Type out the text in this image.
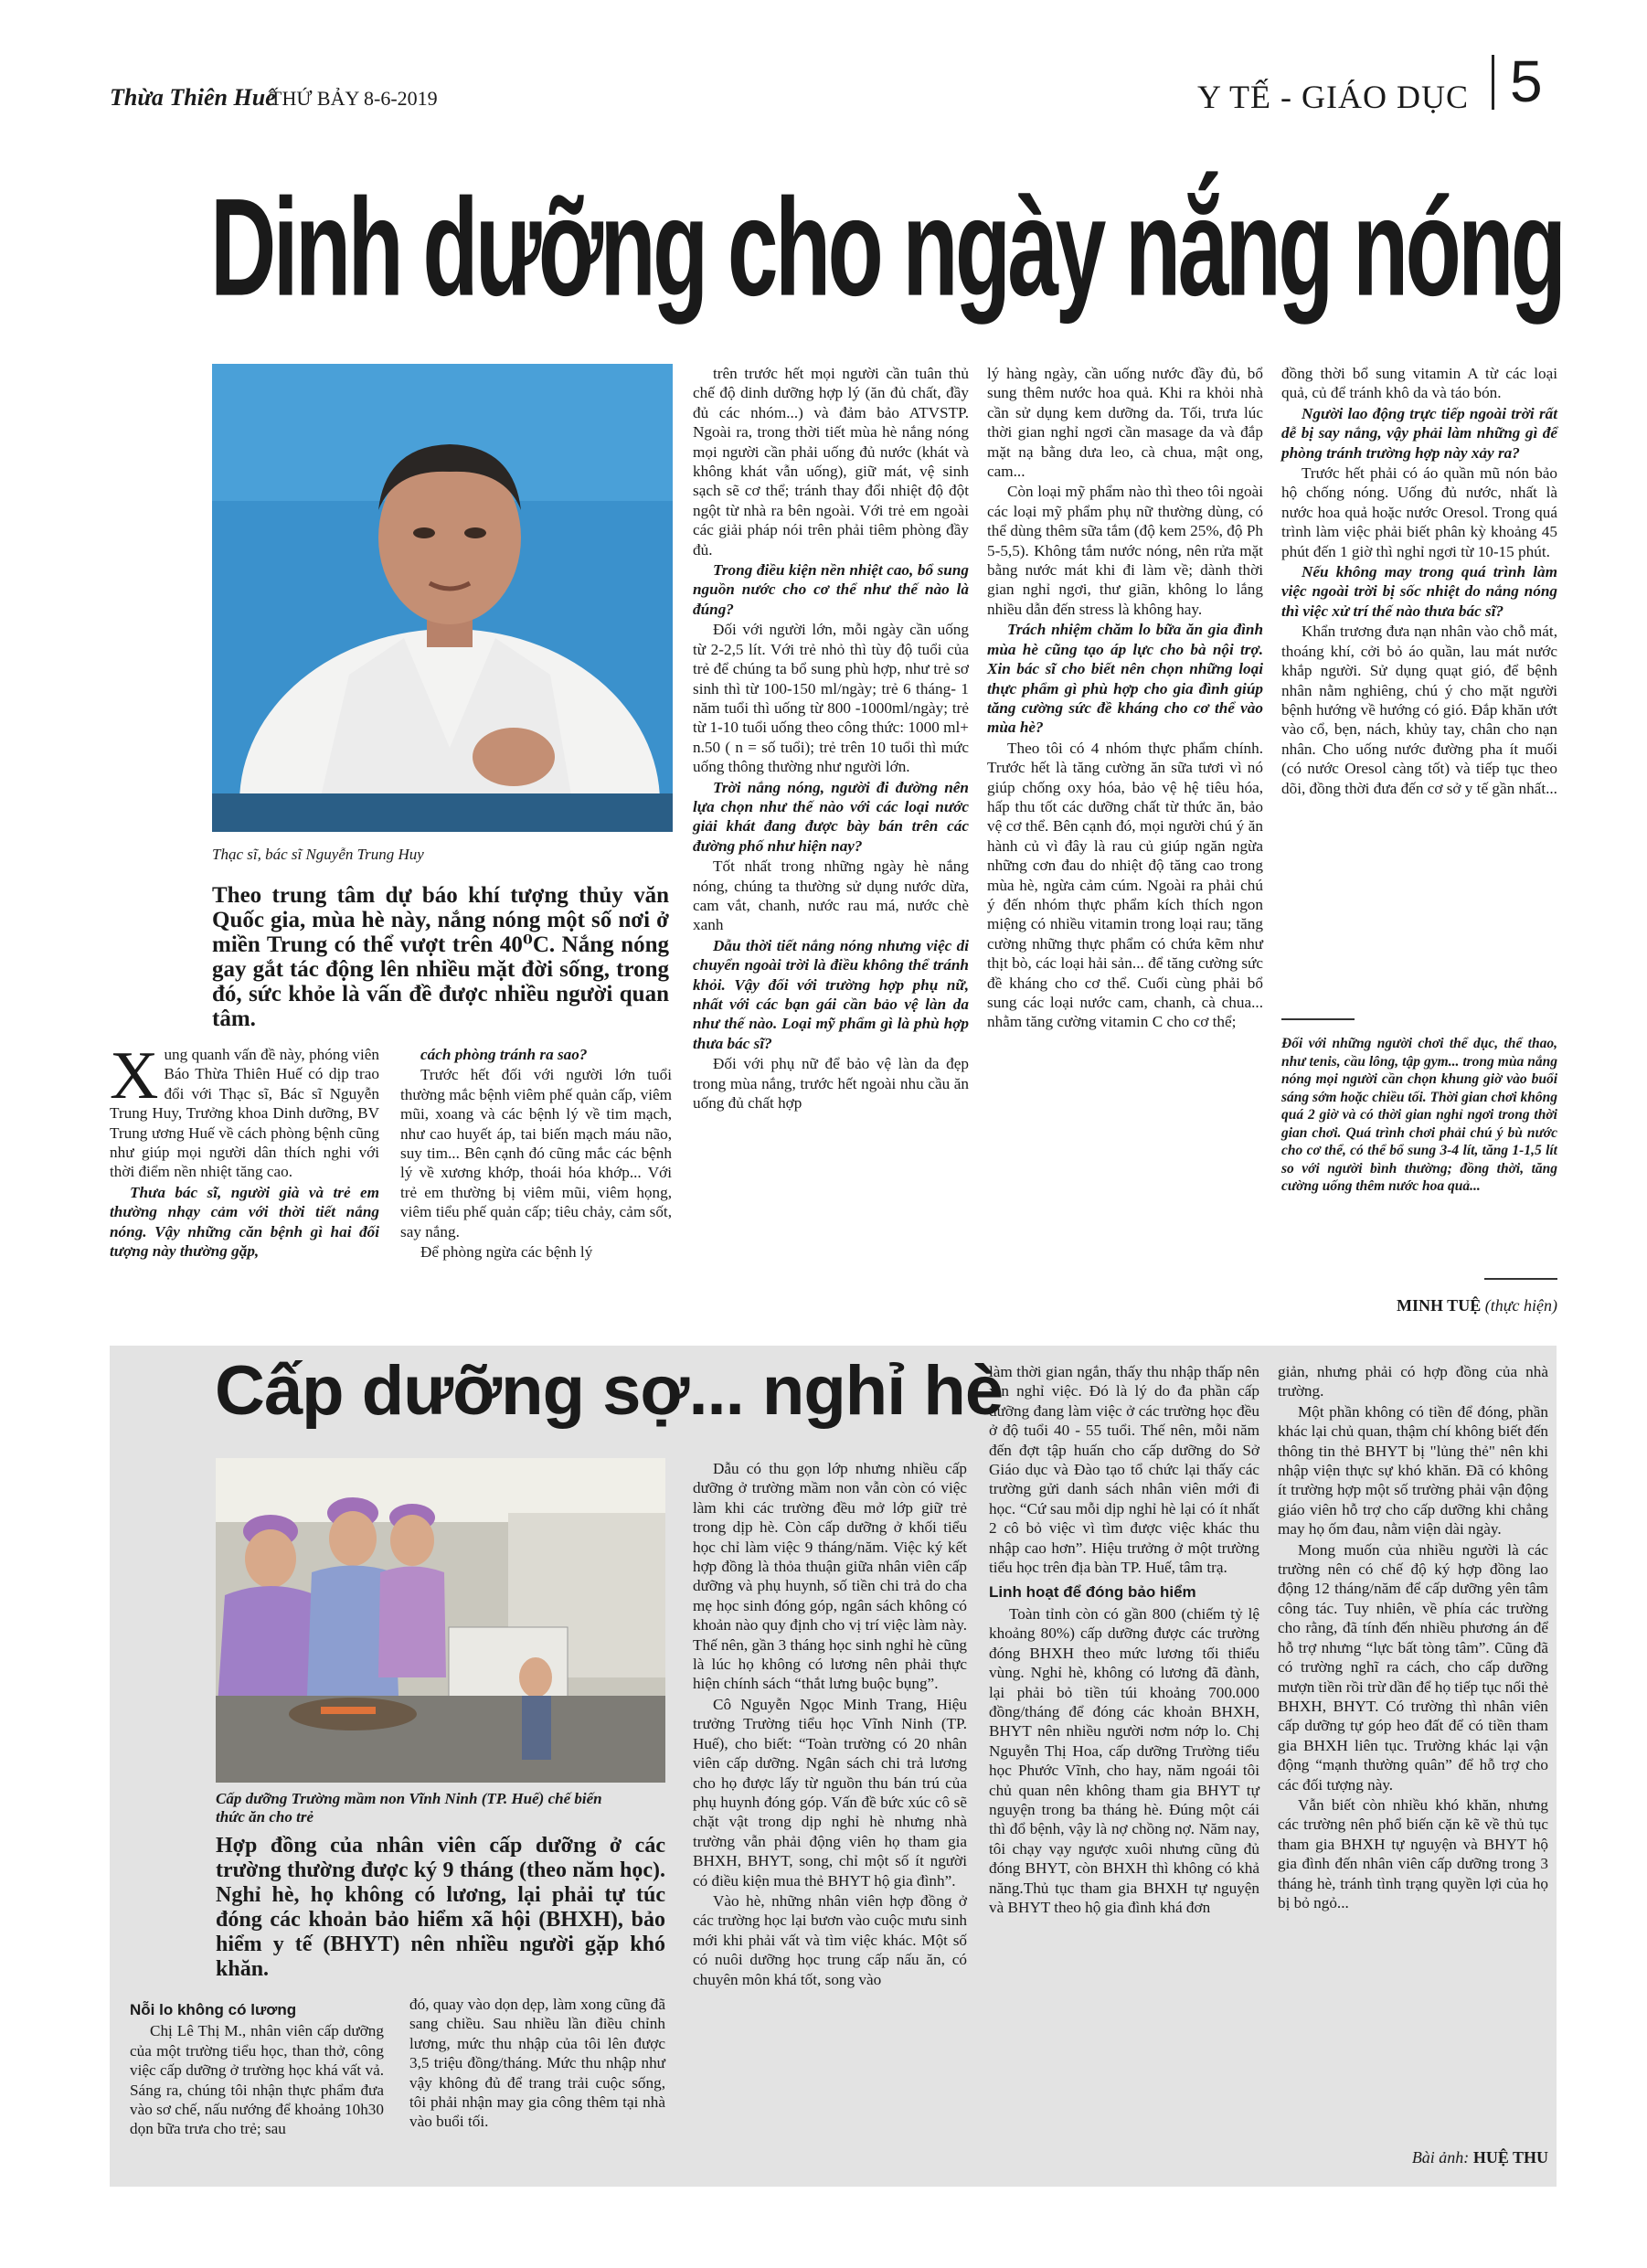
Thừa Thiên Huế
THỨ BẢY 8-6-2019	Y TẾ - GIÁO DỤC 5
Dinh dưỡng cho ngày nắng nóng
Thạc sĩ, bác sĩ Nguyễn Trung Huy
Theo trung tâm dự báo khí tượng thủy văn Quốc gia, mùa hè này, nắng nóng một số nơi ở miền Trung có thể vượt trên 40⁰C. Nắng nóng gay gắt tác động lên nhiều mặt đời sống, trong đó, sức khỏe là vấn đề được nhiều người quan tâm.

Xung quanh vấn đề này, phóng viên Báo Thừa Thiên Huế có dịp trao đổi với Thạc sĩ, Bác sĩ Nguyễn Trung Huy, Trưởng khoa Dinh dưỡng, BV Trung ương Huế về cách phòng bệnh cũng như giúp mọi người dân thích nghi với thời điểm nền nhiệt tăng cao.

Thưa bác sĩ, người già và trẻ em thường nhạy cảm với thời tiết nắng nóng. Vậy những căn bệnh gì hai đối tượng này thường gặp,

cách phòng tránh ra sao?

Trước hết đối với người lớn tuổi thường mắc bệnh viêm phế quản cấp, viêm mũi, xoang và các bệnh lý về tim mạch, như cao huyết áp, tai biến mạch máu não, suy tim... Bên cạnh đó cũng mắc các bệnh lý về xương khớp, thoái hóa khớp... Với trẻ em thường bị viêm mũi, viêm họng, viêm tiểu phế quản cấp; tiêu chảy, cảm sốt, say nắng.

Để phòng ngừa các bệnh lý

trên trước hết mọi người cần tuân thủ chế độ dinh dưỡng hợp lý (ăn đủ chất, đầy đủ các nhóm...) và đảm bảo ATVSTP. Ngoài ra, trong thời tiết mùa hè nắng nóng mọi người cần phải uống đủ nước (khát và không khát vẫn uống), giữ mát, vệ sinh sạch sẽ cơ thể; tránh thay đổi nhiệt độ đột ngột từ nhà ra bên ngoài. Với trẻ em ngoài các giải pháp nói trên phải tiêm phòng đầy đủ.

Trong điều kiện nền nhiệt cao, bổ sung nguồn nước cho cơ thể như thế nào là đúng?

Đối với người lớn, mỗi ngày cần uống từ 2-2,5 lít. Với trẻ nhỏ thì tùy độ tuổi của trẻ để chúng ta bổ sung phù hợp, như trẻ sơ sinh thì từ 100-150 ml/ngày; trẻ 6 tháng- 1 năm tuổi thì uống từ 800 -1000ml/ngày; trẻ từ 1-10 tuổi uống theo công thức: 1000 ml+ n.50 ( n = số tuổi); trẻ trên 10 tuổi thì mức uống thông thường như người lớn.

Trời nắng nóng, người đi đường nên lựa chọn như thế nào với các loại nước giải khát đang được bày bán trên các đường phố như hiện nay?

Tốt nhất trong những ngày hè nắng nóng, chúng ta thường sử dụng nước dừa, cam vắt, chanh, nước rau má, nước chè xanh

Dẫu thời tiết nắng nóng nhưng việc di chuyển ngoài trời là điều không thể tránh khỏi. Vậy đối với trường hợp phụ nữ, nhất với các bạn gái cần bảo vệ làn da như thế nào. Loại mỹ phẩm gì là phù hợp thưa bác sĩ?

Đối với phụ nữ để bảo vệ làn da đẹp trong mùa nắng, trước hết ngoài nhu cầu ăn uống đủ chất hợp

lý hàng ngày, cần uống nước đầy đủ, bổ sung thêm nước hoa quả. Khi ra khỏi nhà cần sử dụng kem dưỡng da. Tối, trưa lúc thời gian nghỉ ngơi cần masage da và đắp mặt nạ bằng dưa leo, cà chua, mật ong, cam...

Còn loại mỹ phẩm nào thì theo tôi ngoài các loại mỹ phẩm phụ nữ thường dùng, có thể dùng thêm sữa tắm (độ kem 25%, độ Ph 5-5,5). Không tắm nước nóng, nên rửa mặt bằng nước mát khi đi làm về; dành thời gian nghỉ ngơi, thư giãn, không lo lắng nhiều dẫn đến stress là không hay.

Trách nhiệm chăm lo bữa ăn gia đình mùa hè cũng tạo áp lực cho bà nội trợ. Xin bác sĩ cho biết nên chọn những loại thực phẩm gì phù hợp cho gia đình giúp tăng cường sức đề kháng cho cơ thể vào mùa hè?

Theo tôi có 4 nhóm thực phẩm chính. Trước hết là tăng cường ăn sữa tươi vì nó giúp chống oxy hóa, bảo vệ hệ tiêu hóa, hấp thu tốt các dưỡng chất từ thức ăn, bảo vệ cơ thể. Bên cạnh đó, mọi người chú ý ăn hành củ vì đây là rau củ giúp ngăn ngừa những cơn đau do nhiệt độ tăng cao trong mùa hè, ngừa cảm cúm. Ngoài ra phải chú ý đến nhóm thực phẩm kích thích ngon miệng có nhiều vitamin trong loại rau; tăng cường những thực phẩm có chứa kẽm như thịt bò, các loại hải sản... để tăng cường sức đề kháng cho cơ thể. Cuối cùng phải bổ sung các loại nước cam, chanh, cà chua... nhằm tăng cường vitamin C cho cơ thể;

đồng thời bổ sung vitamin A từ các loại quả, củ để tránh khô da và táo bón.

Người lao động trực tiếp ngoài trời rất dễ bị say nắng, vậy phải làm những gì để phòng tránh trường hợp này xảy ra?

Trước hết phải có áo quần mũ nón bảo hộ chống nóng. Uống đủ nước, nhất là nước hoa quả hoặc nước Oresol. Trong quá trình làm việc phải biết phân kỳ khoảng 45 phút đến 1 giờ thì nghỉ ngơi từ 10-15 phút.

Nếu không may trong quá trình làm việc ngoài trời bị sốc nhiệt do nắng nóng thì việc xử trí thế nào thưa bác sĩ?

Khẩn trương đưa nạn nhân vào chỗ mát, thoáng khí, cởi bỏ áo quần, lau mát nước khắp người. Sử dụng quạt gió, để bệnh nhân nằm nghiêng, chú ý cho mặt người bệnh hướng về hướng có gió. Đắp khăn ướt vào cổ, bẹn, nách, khủy tay, chân cho nạn nhân. Cho uống nước đường pha ít muối (có nước Oresol càng tốt) và tiếp tục theo dõi, đồng thời đưa đến cơ sở y tế gần nhất...

Đối với những người chơi thể dục, thể thao, như tenis, cầu lông, tập gym... trong mùa nắng nóng mọi người cần chọn khung giờ vào buổi sáng sớm hoặc chiều tối. Thời gian chơi không quá 2 giờ và có thời gian nghỉ ngơi trong thời gian chơi. Quá trình chơi phải chú ý bù nước cho cơ thể, có thể bổ sung 3-4 lít, tăng 1-1,5 lít so với người bình thường; đồng thời, tăng cường uống thêm nước hoa quả...
MINH TUỆ (thực hiện)
Cấp dưỡng sợ... nghỉ hè
Cấp dưỡng Trường mầm non Vĩnh Ninh (TP. Huế) chế biến thức ăn cho trẻ
Hợp đồng của nhân viên cấp dưỡng ở các trường thường được ký 9 tháng (theo năm học). Nghỉ hè, họ không có lương, lại phải tự túc đóng các khoản bảo hiểm xã hội (BHXH), bảo hiểm y tế (BHYT) nên nhiều người gặp khó khăn.

Nỗi lo không có lương

Chị Lê Thị M., nhân viên cấp dưỡng của một trường tiểu học, than thở, công việc cấp dưỡng ở trường học khá vất vả. Sáng ra, chúng tôi nhận thực phẩm đưa vào sơ chế, nấu nướng để khoảng 10h30 dọn bữa trưa cho trẻ; sau

đó, quay vào dọn dẹp, làm xong cũng đã sang chiều. Sau nhiều lần điều chỉnh lương, mức thu nhập của tôi lên được 3,5 triệu đồng/tháng. Mức thu nhập như vậy không đủ để trang trải cuộc sống, tôi phải nhận may gia công thêm tại nhà vào buổi tối.

Dẫu có thu gọn lớp nhưng nhiều cấp dưỡng ở trường mầm non vẫn còn có việc làm khi các trường đều mở lớp giữ trẻ trong dịp hè. Còn cấp dưỡng ở khối tiểu học chỉ làm việc 9 tháng/năm. Việc ký kết hợp đồng là thỏa thuận giữa nhân viên cấp dưỡng và phụ huynh, số tiền chi trả do cha mẹ học sinh đóng góp, ngân sách không có khoản nào quy định cho vị trí việc làm này. Thế nên, gần 3 tháng học sinh nghỉ hè cũng là lúc họ không có lương nên phải thực hiện chính sách “thắt lưng buộc bụng”.

Cô Nguyễn Ngọc Minh Trang, Hiệu trưởng Trường tiểu học Vĩnh Ninh (TP. Huế), cho biết: “Toàn trường có 20 nhân viên cấp dưỡng. Ngân sách chi trả lương cho họ được lấy từ nguồn thu bán trú của phụ huynh đóng góp. Vấn đề bức xúc cô sẽ chặt vật trong dịp nghỉ hè nhưng nhà trường vẫn phải động viên họ tham gia BHXH, BHYT, song, chỉ một số ít người có điều kiện mua thẻ BHYT hộ gia đình”.

Vào hè, những nhân viên hợp đồng ở các trường học lại bươn vào cuộc mưu sinh mới khi phải vất và tìm việc khác. Một số có nuôi dưỡng học trung cấp nấu ăn, có chuyên môn khá tốt, song vào

làm thời gian ngắn, thấy thu nhập thấp nên xin nghỉ việc. Đó là lý do đa phần cấp dưỡng đang làm việc ở các trường học đều ở độ tuổi 40 - 55 tuổi. Thế nên, mỗi năm đến đợt tập huấn cho cấp dưỡng do Sở Giáo dục và Đào tạo tổ chức lại thấy các trường gửi danh sách nhân viên mới đi học. “Cứ sau mỗi dịp nghỉ hè lại có ít nhất 2 cô bỏ việc vì tìm được việc khác thu nhập cao hơn”. Hiệu trưởng ở một trường tiểu học trên địa bàn TP. Huế, tâm trạ.

Linh hoạt để đóng bảo hiểm

Toàn tỉnh còn có gần 800 (chiếm tỷ lệ khoảng 80%) cấp dưỡng được các trường đóng BHXH theo mức lương tối thiểu vùng. Nghỉ hè, không có lương đã đành, lại phải bỏ tiền túi khoảng 700.000 đồng/tháng để đóng các khoản BHXH, BHYT nên nhiều người nơm nớp lo. Chị Nguyễn Thị Hoa, cấp dưỡng Trường tiểu học Phước Vĩnh, cho hay, năm ngoái tôi chủ quan nên không tham gia BHYT tự nguyện trong ba tháng hè. Đúng một cái thì đổ bệnh, vậy là nợ chồng nợ. Năm nay, tôi chạy vạy ngược xuôi nhưng cũng đủ đóng BHYT, còn BHXH thì không có khả năng.Thủ tục tham gia BHXH tự nguyện và BHYT theo hộ gia đình khá đơn

giản, nhưng phải có hợp đồng của nhà trường.

Một phần không có tiền để đóng, phần khác lại chủ quan, thậm chí không biết đến thông tin thẻ BHYT bị "lủng thẻ" nên khi nhập viện thực sự khó khăn. Đã có không ít trường hợp một số trường phải vận động giáo viên hỗ trợ cho cấp dưỡng khi chẳng may họ ốm đau, nằm viện dài ngày.

Mong muốn của nhiều người là các trường nên có chế độ ký hợp đồng lao động 12 tháng/năm để cấp dưỡng yên tâm công tác. Tuy nhiên, về phía các trường cho rằng, đã tính đến nhiều phương án để hỗ trợ nhưng “lực bất tòng tâm”. Cũng đã có trường nghĩ ra cách, cho cấp dưỡng mượn tiền rồi trừ dần để họ tiếp tục nối thẻ BHXH, BHYT. Có trường thì nhân viên cấp dưỡng tự góp heo đất để có tiền tham gia BHXH liên tục. Trường khác lại vận động “mạnh thường quân” để hỗ trợ cho các đối tượng này.

Vẫn biết còn nhiều khó khăn, nhưng các trường nên phổ biến cặn kẽ về thủ tục tham gia BHXH tự nguyện và BHYT hộ gia đình đến nhân viên cấp dưỡng trong 3 tháng hè, tránh tình trạng quyền lợi của họ bị bỏ ngỏ...

Bài ảnh: HUỆ THU
